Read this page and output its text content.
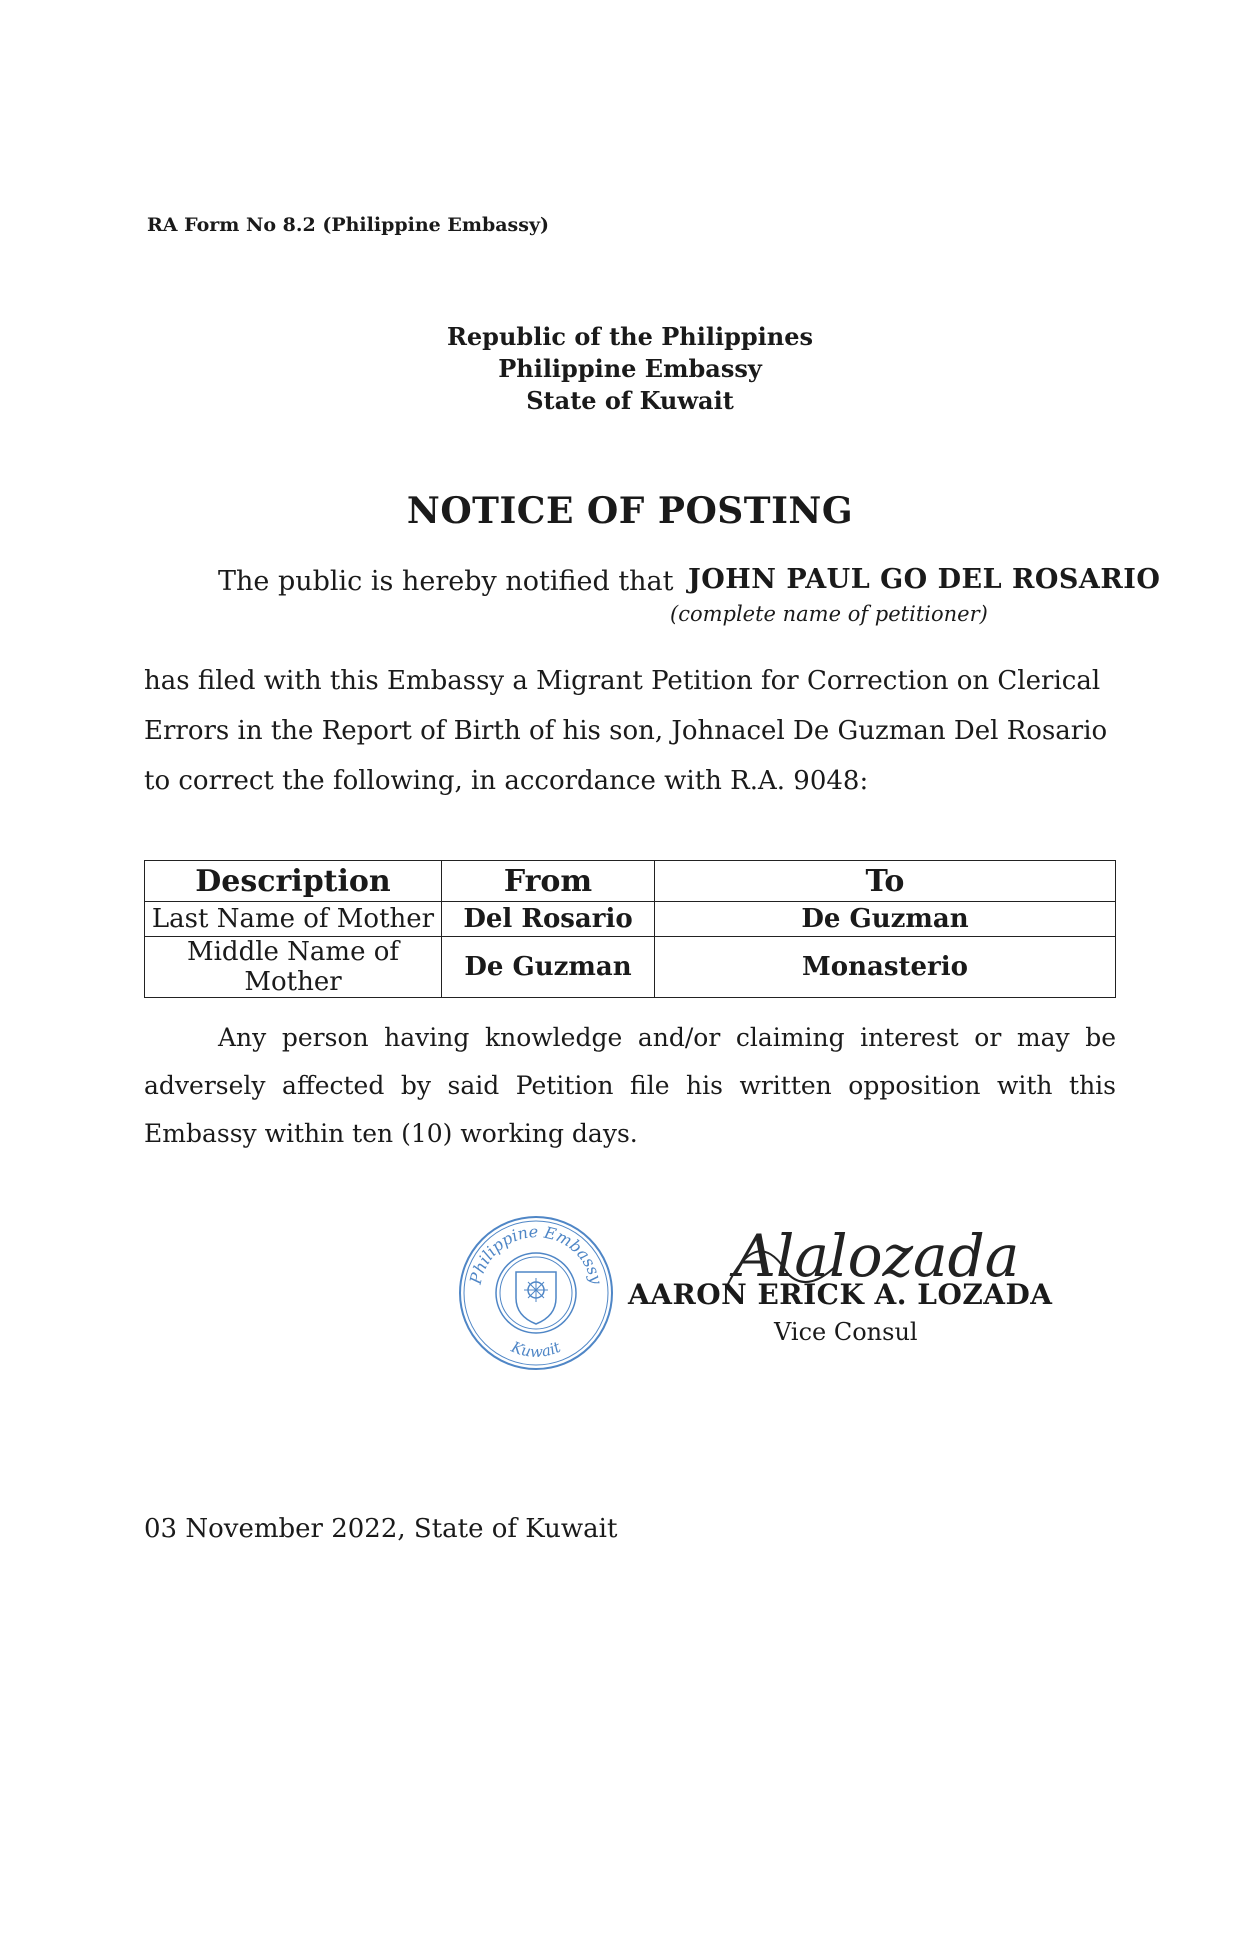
RA Form No 8.2 (Philippine Embassy)
Republic of the Philippines
Philippine Embassy
State of Kuwait
NOTICE OF POSTING
The public is hereby notified that JOHN PAUL GO DEL ROSARIO
(complete name of petitioner)
has filed with this Embassy a Migrant Petition for Correction on Clerical Errors in the Report of Birth of his son, Johnacel De Guzman Del Rosario to correct the following, in accordance with R.A. 9048:
Description	From	To
Last Name of Mother	Del Rosario	De Guzman
Middle Name of Mother	De Guzman	Monasterio
Any person having knowledge and/or claiming interest or may be adversely affected by said Petition file his written opposition with this Embassy within ten (10) working days.
Philippine Embassy
Kuwait
Alalozada
AARON ERICK A. LOZADA
Vice Consul
03 November 2022, State of Kuwait
